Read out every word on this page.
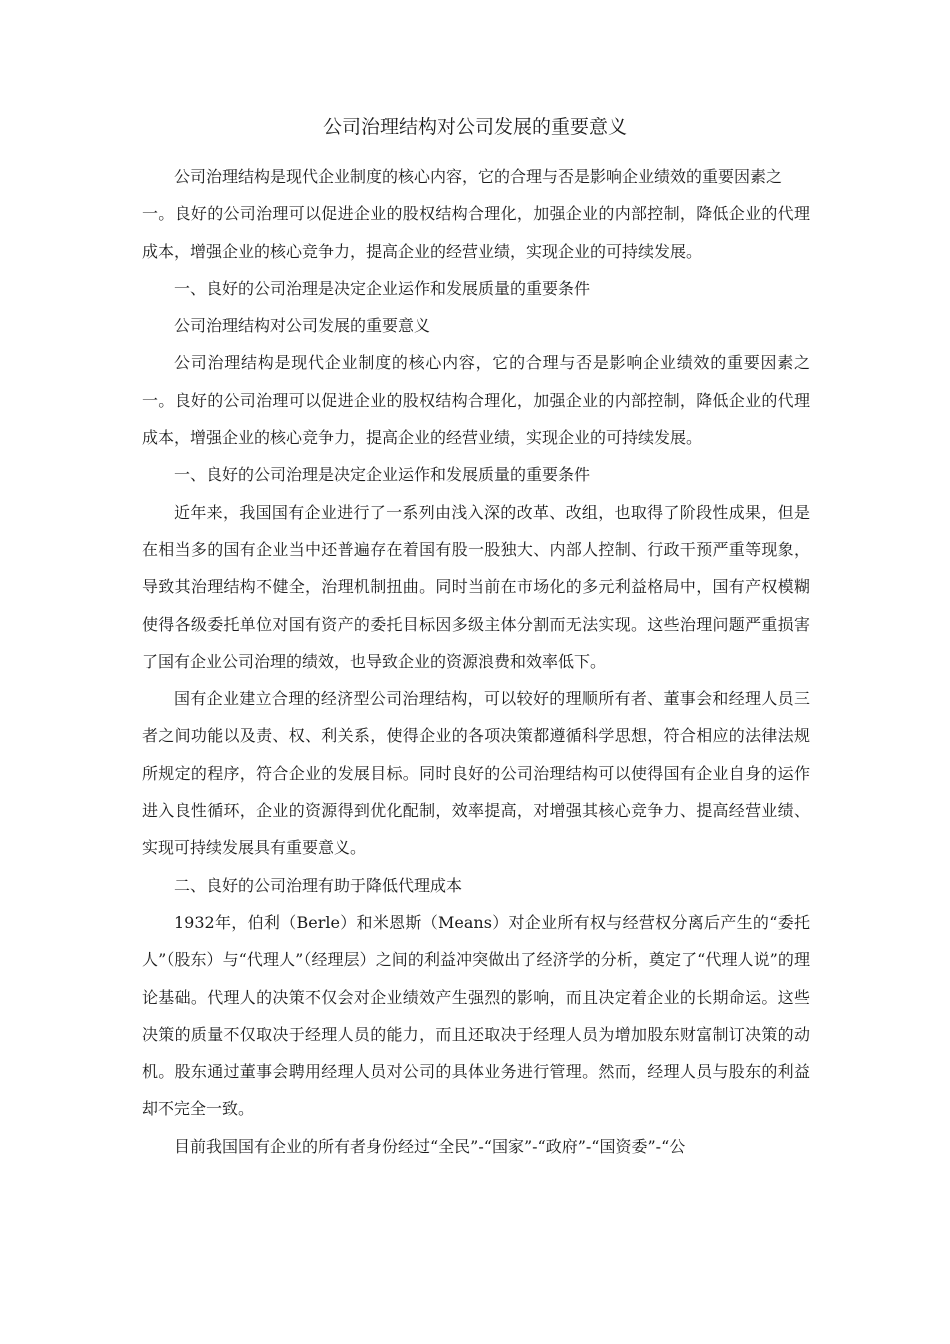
公司治理结构对公司发展的重要意义

公司治理结构是现代企业制度的核心内容，它的合理与否是影响企业绩效的重要因素之

一。良好的公司治理可以促进企业的股权结构合理化，加强企业的内部控制，降低企业的代理成本，增强企业的核心竞争力，提高企业的经营业绩，实现企业的可持续发展。

一、良好的公司治理是决定企业运作和发展质量的重要条件

公司治理结构对公司发展的重要意义

公司治理结构是现代企业制度的核心内容，它的合理与否是影响企业绩效的重要因素之一。良好的公司治理可以促进企业的股权结构合理化，加强企业的内部控制，降低企业的代理成本，增强企业的核心竞争力，提高企业的经营业绩，实现企业的可持续发展。

一、良好的公司治理是决定企业运作和发展质量的重要条件

近年来，我国国有企业进行了一系列由浅入深的改革、改组，也取得了阶段性成果，但是在相当多的国有企业当中还普遍存在着国有股一股独大、内部人控制、行政干预严重等现象，导致其治理结构不健全，治理机制扭曲。同时当前在市场化的多元利益格局中，国有产权模糊使得各级委托单位对国有资产的委托目标因多级主体分割而无法实现。这些治理问题严重损害了国有企业公司治理的绩效，也导致企业的资源浪费和效率低下。

国有企业建立合理的经济型公司治理结构，可以较好的理顺所有者、董事会和经理人员三者之间功能以及责、权、利关系，使得企业的各项决策都遵循科学思想，符合相应的法律法规所规定的程序，符合企业的发展目标。同时良好的公司治理结构可以使得国有企业自身的运作进入良性循环，企业的资源得到优化配制，效率提高，对增强其核心竞争力、提高经营业绩、实现可持续发展具有重要意义。

二、良好的公司治理有助于降低代理成本

1932年，伯利（Berle）和米恩斯（Means）对企业所有权与经营权分离后产生的“委托人”（股东）与“代理人”（经理层）之间的利益冲突做出了经济学的分析，奠定了“代理人说”的理论基础。代理人的决策不仅会对企业绩效产生强烈的影响，而且决定着企业的长期命运。这些决策的质量不仅取决于经理人员的能力，而且还取决于经理人员为增加股东财富制订决策的动机。股东通过董事会聘用经理人员对公司的具体业务进行管理。然而，经理人员与股东的利益却不完全一致。

目前我国国有企业的所有者身份经过“全民”-“国家”-“政府”-“国资委”-“公
